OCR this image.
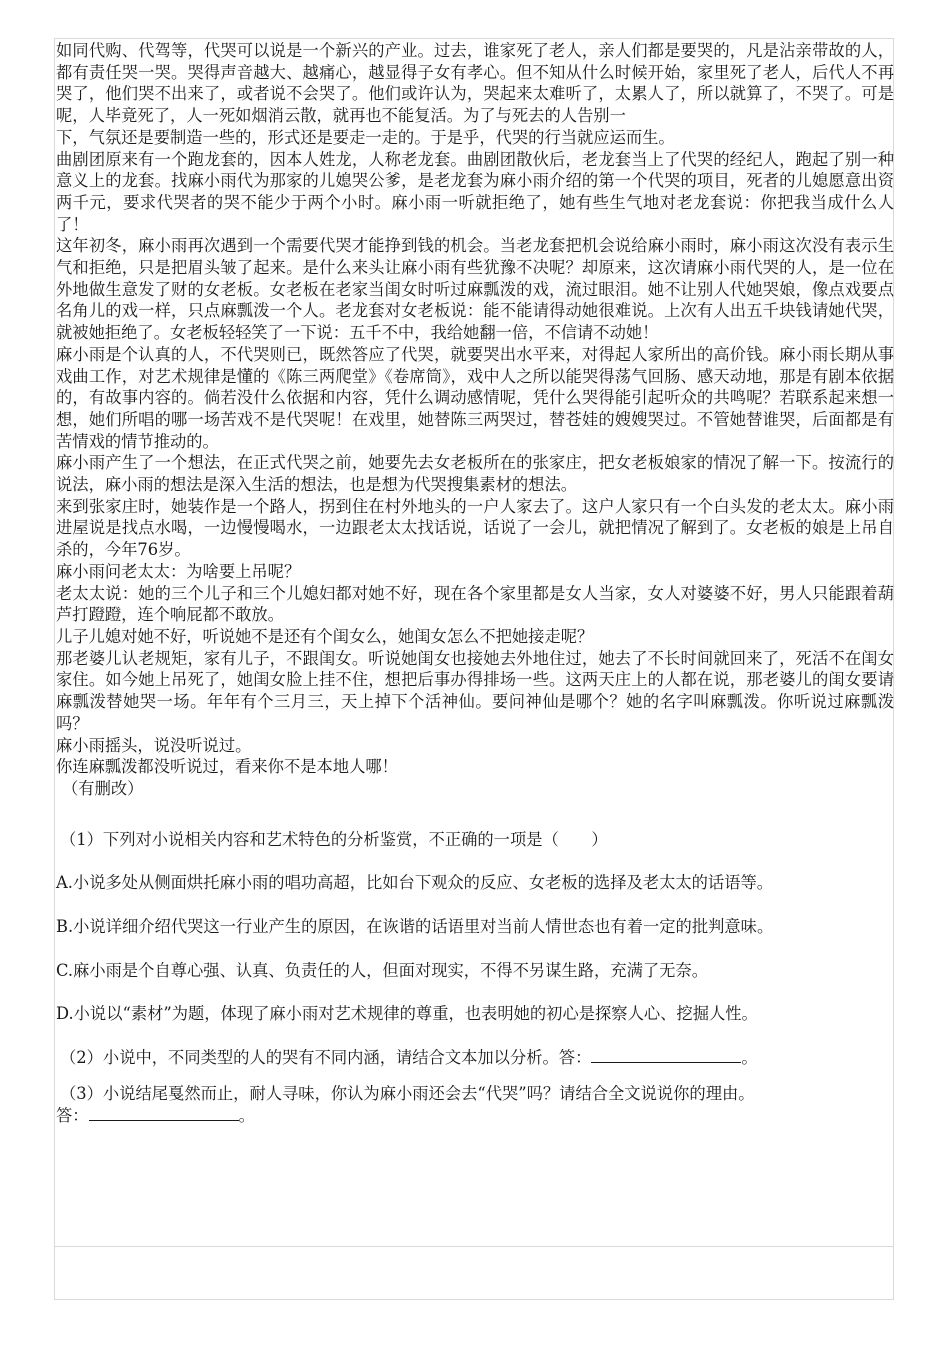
如同代购、代驾等，代哭可以说是一个新兴的产业。过去，谁家死了老人，亲人们都是要哭的，凡是沾亲带故的人，都有责任哭一哭。哭得声音越大、越痛心，越显得子女有孝心。但不知从什么时候开始，家里死了老人，后代人不再哭了，他们哭不出来了，或者说不会哭了。他们或许认为，哭起来太难听了，太累人了，所以就算了，不哭了。可是呢，人毕竟死了，人一死如烟消云散，就再也不能复活。为了与死去的人告别一

下，气氛还是要制造一些的，形式还是要走一走的。于是乎，代哭的行当就应运而生。

曲剧团原来有一个跑龙套的，因本人姓龙，人称老龙套。曲剧团散伙后，老龙套当上了代哭的经纪人，跑起了别一种意义上的龙套。找麻小雨代为那家的儿媳哭公爹，是老龙套为麻小雨介绍的第一个代哭的项目，死者的儿媳愿意出资两千元，要求代哭者的哭不能少于两个小时。麻小雨一听就拒绝了，她有些生气地对老龙套说：你把我当成什么人了！

这年初冬，麻小雨再次遇到一个需要代哭才能挣到钱的机会。当老龙套把机会说给麻小雨时，麻小雨这次没有表示生气和拒绝，只是把眉头皱了起来。是什么来头让麻小雨有些犹豫不决呢？却原来，这次请麻小雨代哭的人，是一位在外地做生意发了财的女老板。女老板在老家当闺女时听过麻瓢泼的戏，流过眼泪。她不让别人代她哭娘，像点戏要点名角儿的戏一样，只点麻瓢泼一个人。老龙套对女老板说：能不能请得动她很难说。上次有人出五千块钱请她代哭，就被她拒绝了。女老板轻轻笑了一下说：五千不中，我给她翻一倍，不信请不动她！

麻小雨是个认真的人，不代哭则已，既然答应了代哭，就要哭出水平来，对得起人家所出的高价钱。麻小雨长期从事戏曲工作，对艺术规律是懂的《陈三两爬堂》《卷席筒》，戏中人之所以能哭得荡气回肠、感天动地，那是有剧本依据的，有故事内容的。倘若没什么依据和内容，凭什么调动感情呢，凭什么哭得能引起听众的共鸣呢？若联系起来想一想，她们所唱的哪一场苦戏不是代哭呢！在戏里，她替陈三两哭过，替苍娃的嫂嫂哭过。不管她替谁哭，后面都是有苦情戏的情节推动的。

麻小雨产生了一个想法，在正式代哭之前，她要先去女老板所在的张家庄，把女老板娘家的情况了解一下。按流行的说法，麻小雨的想法是深入生活的想法，也是想为代哭搜集素材的想法。

来到张家庄时，她装作是一个路人，拐到住在村外地头的一户人家去了。这户人家只有一个白头发的老太太。麻小雨进屋说是找点水喝，一边慢慢喝水，一边跟老太太找话说，话说了一会儿，就把情况了解到了。女老板的娘是上吊自杀的，今年76岁。

麻小雨问老太太：为啥要上吊呢？

老太太说：她的三个儿子和三个儿媳妇都对她不好，现在各个家里都是女人当家，女人对婆婆不好，男人只能跟着葫芦打蹬蹬，连个响屁都不敢放。

儿子儿媳对她不好，听说她不是还有个闺女么，她闺女怎么不把她接走呢？

那老婆儿认老规矩，家有儿子，不跟闺女。听说她闺女也接她去外地住过，她去了不长时间就回来了，死活不在闺女家住。如今她上吊死了，她闺女脸上挂不住，想把后事办得排场一些。这两天庄上的人都在说，那老婆儿的闺女要请麻瓢泼替她哭一场。年年有个三月三，天上掉下个活神仙。要问神仙是哪个？她的名字叫麻瓢泼。你听说过麻瓢泼吗？

麻小雨摇头，说没听说过。

你连麻瓢泼都没听说过，看来你不是本地人哪！

（有删改）

（1）下列对小说相关内容和艺术特色的分析鉴赏，不正确的一项是（　　）

A.小说多处从侧面烘托麻小雨的唱功高超，比如台下观众的反应、女老板的选择及老太太的话语等。

B.小说详细介绍代哭这一行业产生的原因，在诙谐的话语里对当前人情世态也有着一定的批判意味。

C.麻小雨是个自尊心强、认真、负责任的人，但面对现实，不得不另谋生路，充满了无奈。

D.小说以“素材”为题，体现了麻小雨对艺术规律的尊重，也表明她的初心是探察人心、挖掘人性。

（2）小说中，不同类型的人的哭有不同内涵，请结合文本加以分析。答：	。

（3）小说结尾戛然而止，耐人寻味，你认为麻小雨还会去“代哭”吗？请结合全文说说你的理由。

答：	。
